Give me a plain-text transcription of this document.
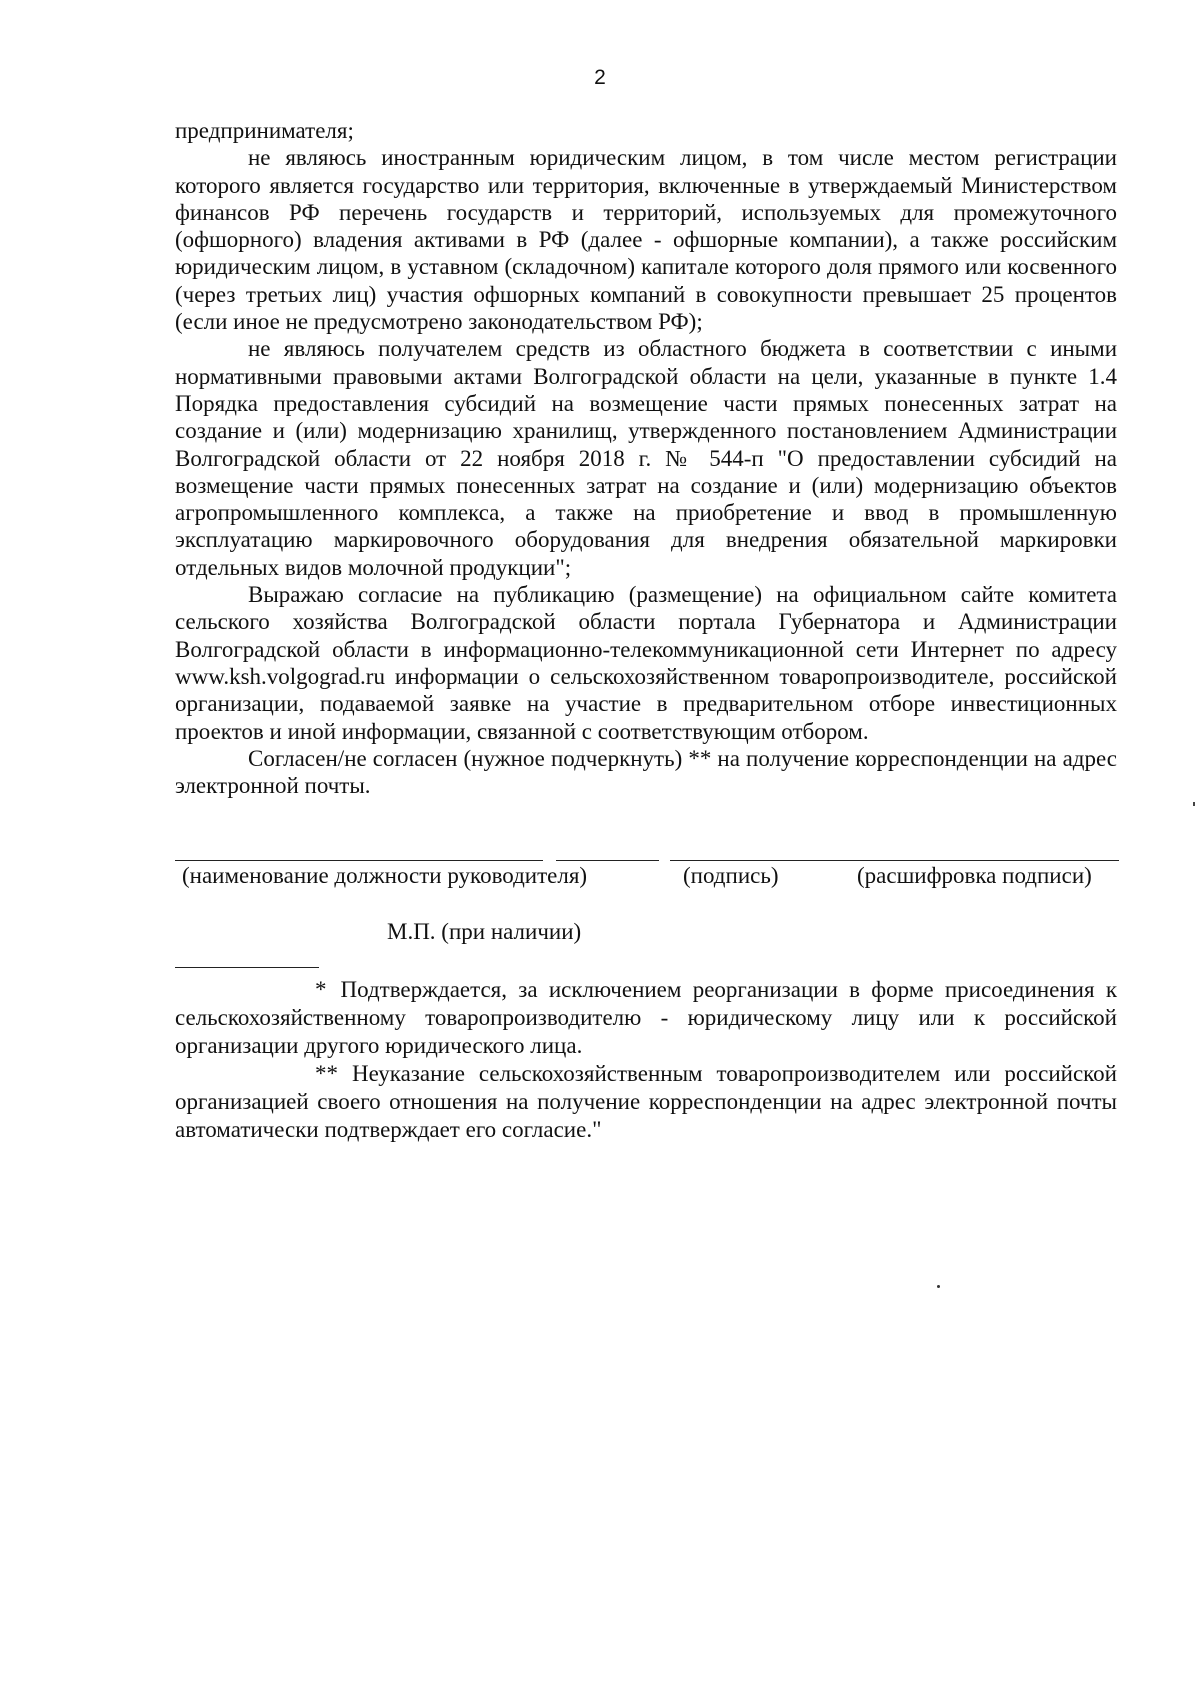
2

предпринимателя;

не являюсь иностранным юридическим лицом, в том числе местом регистрации которого является государство или территория, включенные в утверждаемый Министерством финансов РФ перечень государств и территорий, используемых для промежуточного (офшорного) владения активами в РФ (далее - офшорные компании), а также российским юридическим лицом, в уставном (складочном) капитале которого доля прямого или косвенного (через третьих лиц) участия офшорных компаний в совокупности превышает 25 процентов (если иное не предусмотрено законодательством РФ);

не являюсь получателем средств из областного бюджета в соответствии с иными нормативными правовыми актами Волгоградской области на цели, указанные в пункте 1.4 Порядка предоставления субсидий на возмещение части прямых понесенных затрат на создание и (или) модернизацию хранилищ, утвержденного постановлением Администрации Волгоградской области от 22 ноября 2018 г. № 544-п "О предоставлении субсидий на возмещение части прямых понесенных затрат на создание и (или) модернизацию объектов агропромышленного комплекса, а также на приобретение и ввод в промышленную эксплуатацию маркировочного оборудования для внедрения обязательной маркировки отдельных видов молочной продукции";

Выражаю согласие на публикацию (размещение) на официальном сайте комитета сельского хозяйства Волгоградской области портала Губернатора и Администрации Волгоградской области в информационно-телекоммуникационной сети Интернет по адресу www.ksh.volgograd.ru информации о сельскохозяйственном товаропроизводителе, российской организации, подаваемой заявке на участие в предварительном отборе инвестиционных проектов и иной информации, связанной с соответствующим отбором.

Согласен/не согласен (нужное подчеркнуть) ** на получение корреспонденции на адрес электронной почты.

(наименование должности руководителя)	(подпись)	(расшифровка подписи)
М.П. (при наличии)

* Подтверждается, за исключением реорганизации в форме присоединения к сельскохозяйственному товаропроизводителю - юридическому лицу или к российской организации другого юридического лица.

** Неуказание сельскохозяйственным товаропроизводителем или российской организацией своего отношения на получение корреспонденции на адрес электронной почты автоматически подтверждает его согласие."
